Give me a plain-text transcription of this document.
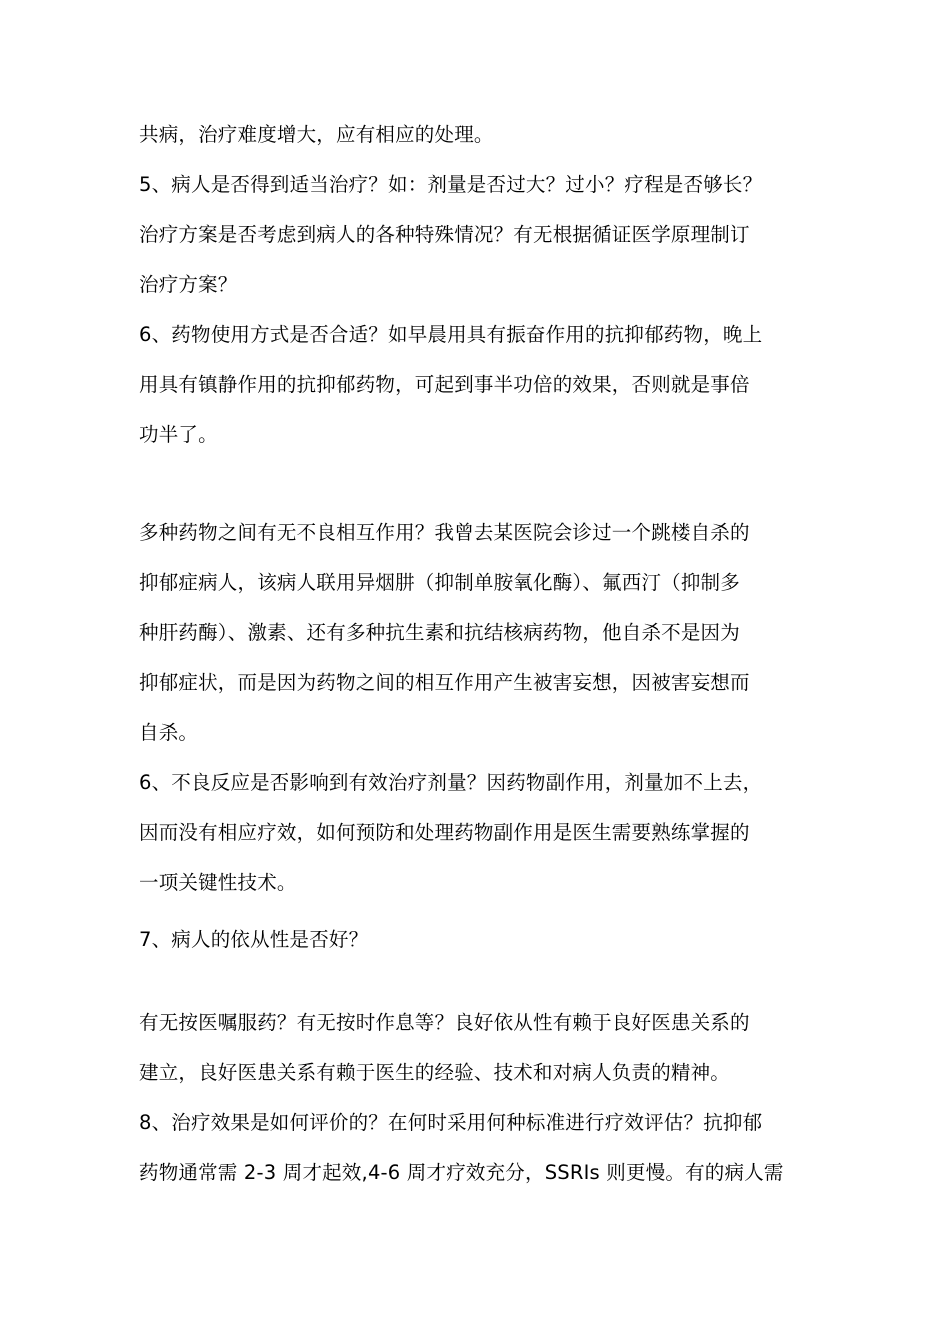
共病，治疗难度增大，应有相应的处理。
5、病人是否得到适当治疗？如：剂量是否过大？过小？疗程是否够长？
治疗方案是否考虑到病人的各种特殊情况？有无根据循证医学原理制订
治疗方案？
6、药物使用方式是否合适？如早晨用具有振奋作用的抗抑郁药物，晚上
用具有镇静作用的抗抑郁药物，可起到事半功倍的效果，否则就是事倍
功半了。
多种药物之间有无不良相互作用？我曾去某医院会诊过一个跳楼自杀的
抑郁症病人，该病人联用异烟肼（抑制单胺氧化酶）、氟西汀（抑制多
种肝药酶）、激素、还有多种抗生素和抗结核病药物，他自杀不是因为
抑郁症状，而是因为药物之间的相互作用产生被害妄想，因被害妄想而
自杀。
6、不良反应是否影响到有效治疗剂量？因药物副作用，剂量加不上去，
因而没有相应疗效，如何预防和处理药物副作用是医生需要熟练掌握的
一项关键性技术。
7、病人的依从性是否好？
有无按医嘱服药？有无按时作息等？良好依从性有赖于良好医患关系的
建立，良好医患关系有赖于医生的经验、技术和对病人负责的精神。
8、治疗效果是如何评价的？在何时采用何种标准进行疗效评估？抗抑郁
药物通常需 2-3 周才起效,4-6 周才疗效充分，SSRIs 则更慢。有的病人需
